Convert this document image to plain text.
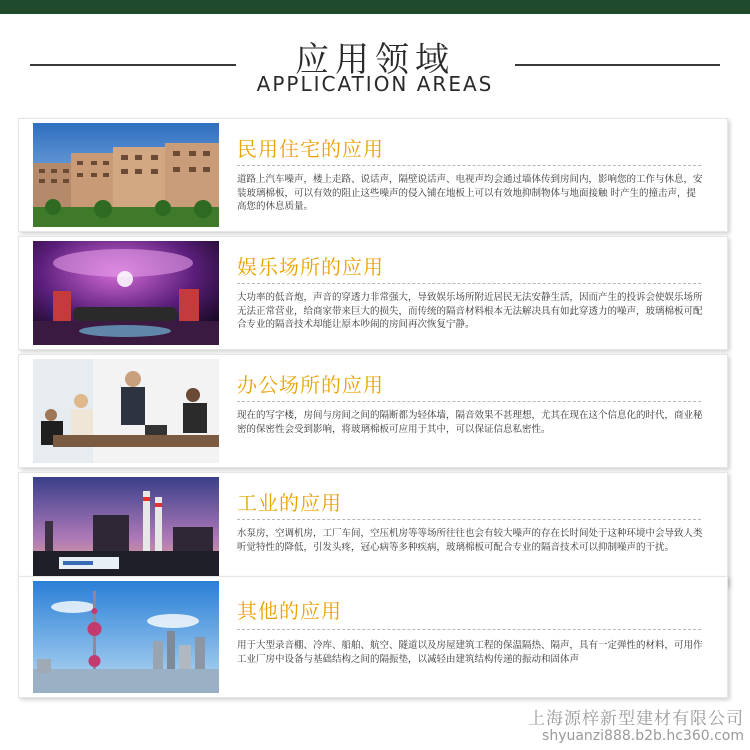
应用领域
APPLICATION AREAS
民用住宅的应用
道路上汽车噪声，楼上走路、说话声，隔壁说话声、电视声均会通过墙体传到房间内，影响您的工作与休息，安装玻璃棉板，可以有效的阻止这些噪声的侵入铺在地板上可以有效地抑制物体与地面接触 时产生的撞击声，提高您的休息质量。
娱乐场所的应用
大功率的低音炮，声音的穿透力非常强大，导致娱乐场所附近居民无法安静生活，因而产生的投诉会使娱乐场所无法正常营业，给商家带来巨大的损失，而传统的隔音材料根本无法解决具有如此穿透力的噪声，玻璃棉板可配合专业的隔音技术却能让原本吵闹的房间再次恢复宁静。
办公场所的应用
现在的写字楼，房间与房间之间的隔断都为轻体墙，隔音效果不甚理想，尤其在现在这个信息化的时代，商业秘密的保密性会受到影响，将玻璃棉板可应用于其中，可以保证信息私密性。
工业的应用
水泵房，空调机房，工厂车间，空压机房等等场所往往也会有较大噪声的存在长时间处于这种环境中会导致人类听觉特性的降低，引发头疼，冠心病等多种疾病，玻璃棉板可配合专业的隔音技术可以抑制噪声的干扰。
其他的应用
用于大型录音棚、冷库、船舶、航空、隧道以及房屋建筑工程的保温隔热、隔声，具有一定弹性的材料，可用作工业厂房中设备与基础结构之间的隔振垫，以减轻由建筑结构传递的振动和固体声
上海源梓新型建材有限公司
shyuanzi888.b2b.hc360.com
